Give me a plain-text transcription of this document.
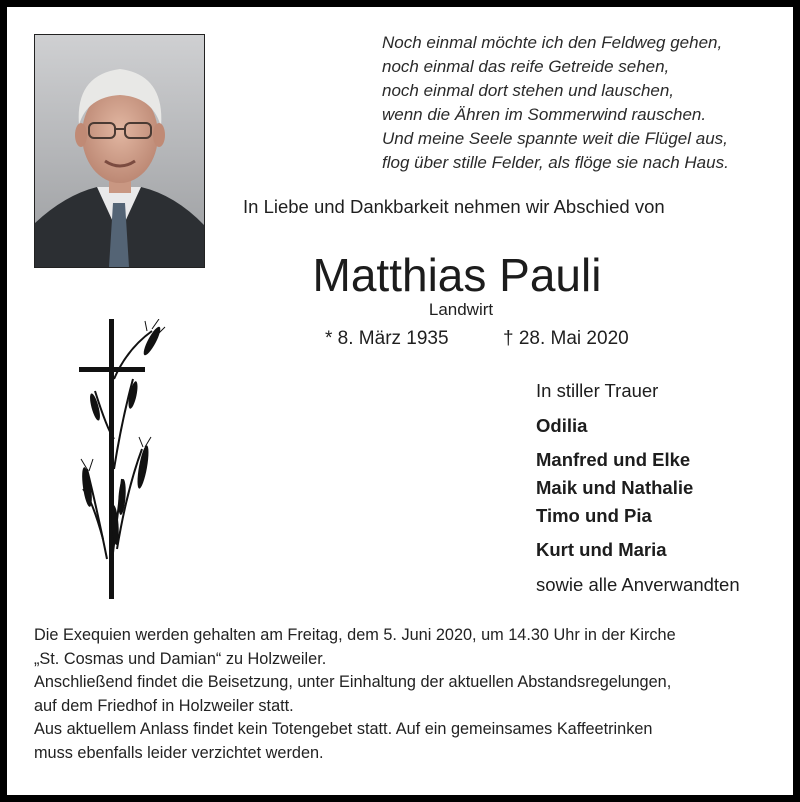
Noch einmal möchte ich den Feldweg gehen,
noch einmal das reife Getreide sehen,
noch einmal dort stehen und lauschen,
wenn die Ähren im Sommerwind rauschen.
Und meine Seele spannte weit die Flügel aus,
flog über stille Felder, als flöge sie nach Haus.
In Liebe und Dankbarkeit nehmen wir Abschied von
Matthias Pauli
Landwirt
* 8. März 1935	† 28. Mai 2020
In stiller Trauer
Odilia
Manfred und Elke
Maik und Nathalie
Timo und Pia
Kurt und Maria
sowie alle Anverwandten
Die Exequien werden gehalten am Freitag, dem 5. Juni 2020, um 14.30 Uhr in der Kirche
„St. Cosmas und Damian“ zu Holzweiler.
Anschließend findet die Beisetzung, unter Einhaltung der aktuellen Abstandsregelungen,
auf dem Friedhof in Holzweiler statt.
Aus aktuellem Anlass findet kein Totengebet statt. Auf ein gemeinsames Kaffeetrinken
muss ebenfalls leider verzichtet werden.
